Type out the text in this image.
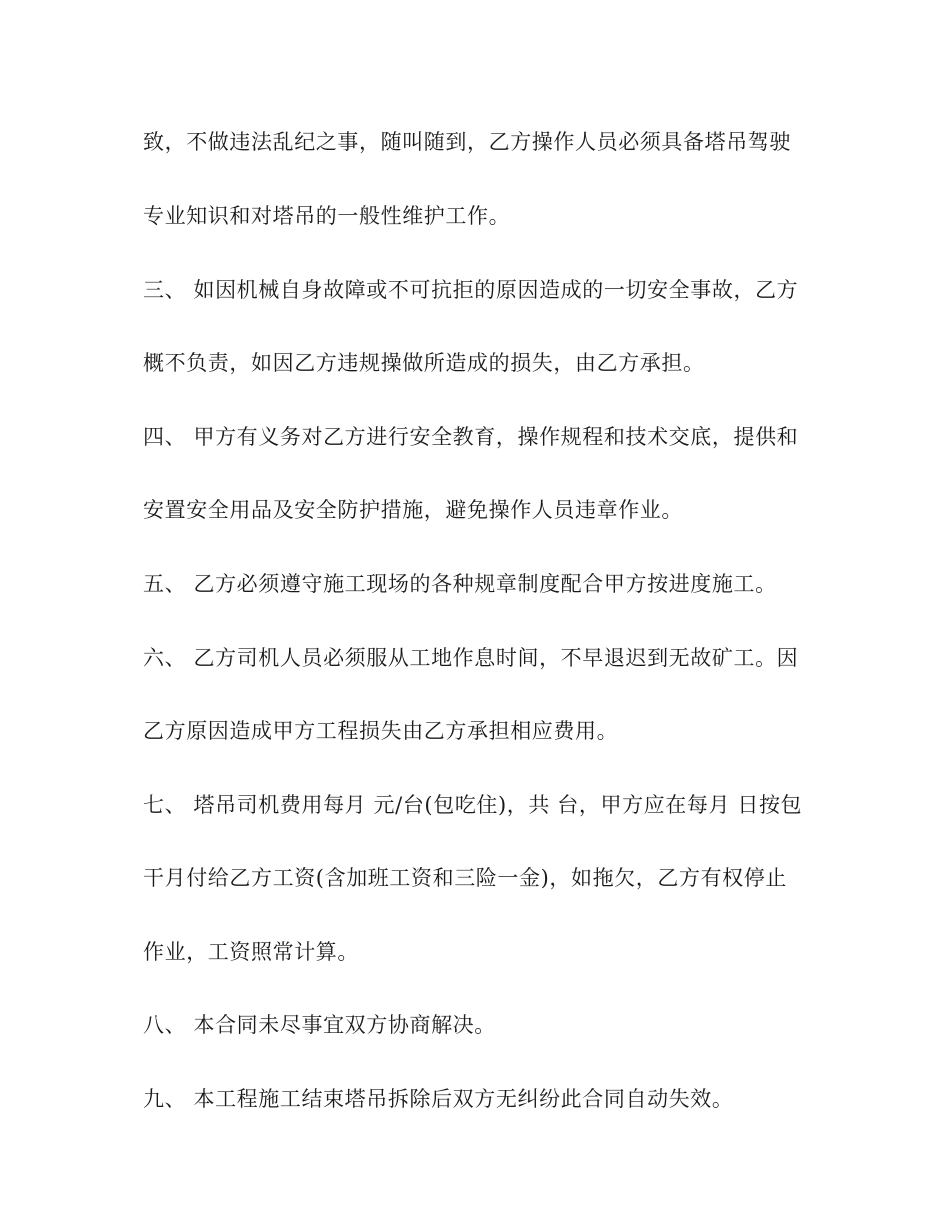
致，不做违法乱纪之事，随叫随到，乙方操作人员必须具备塔吊驾驶
专业知识和对塔吊的一般性维护工作。
三、 如因机械自身故障或不可抗拒的原因造成的一切安全事故，乙方
概不负责，如因乙方违规操做所造成的损失，由乙方承担。
四、 甲方有义务对乙方进行安全教育，操作规程和技术交底，提供和
安置安全用品及安全防护措施，避免操作人员违章作业。
五、 乙方必须遵守施工现场的各种规章制度配合甲方按进度施工。
六、 乙方司机人员必须服从工地作息时间，不早退迟到无故矿工。因
乙方原因造成甲方工程损失由乙方承担相应费用。
七、 塔吊司机费用每月 元/台(包吃住)，共 台，甲方应在每月 日按包
干月付给乙方工资(含加班工资和三险一金)，如拖欠，乙方有权停止
作业，工资照常计算。
八、 本合同未尽事宜双方协商解决。
九、 本工程施工结束塔吊拆除后双方无纠纷此合同自动失效。
